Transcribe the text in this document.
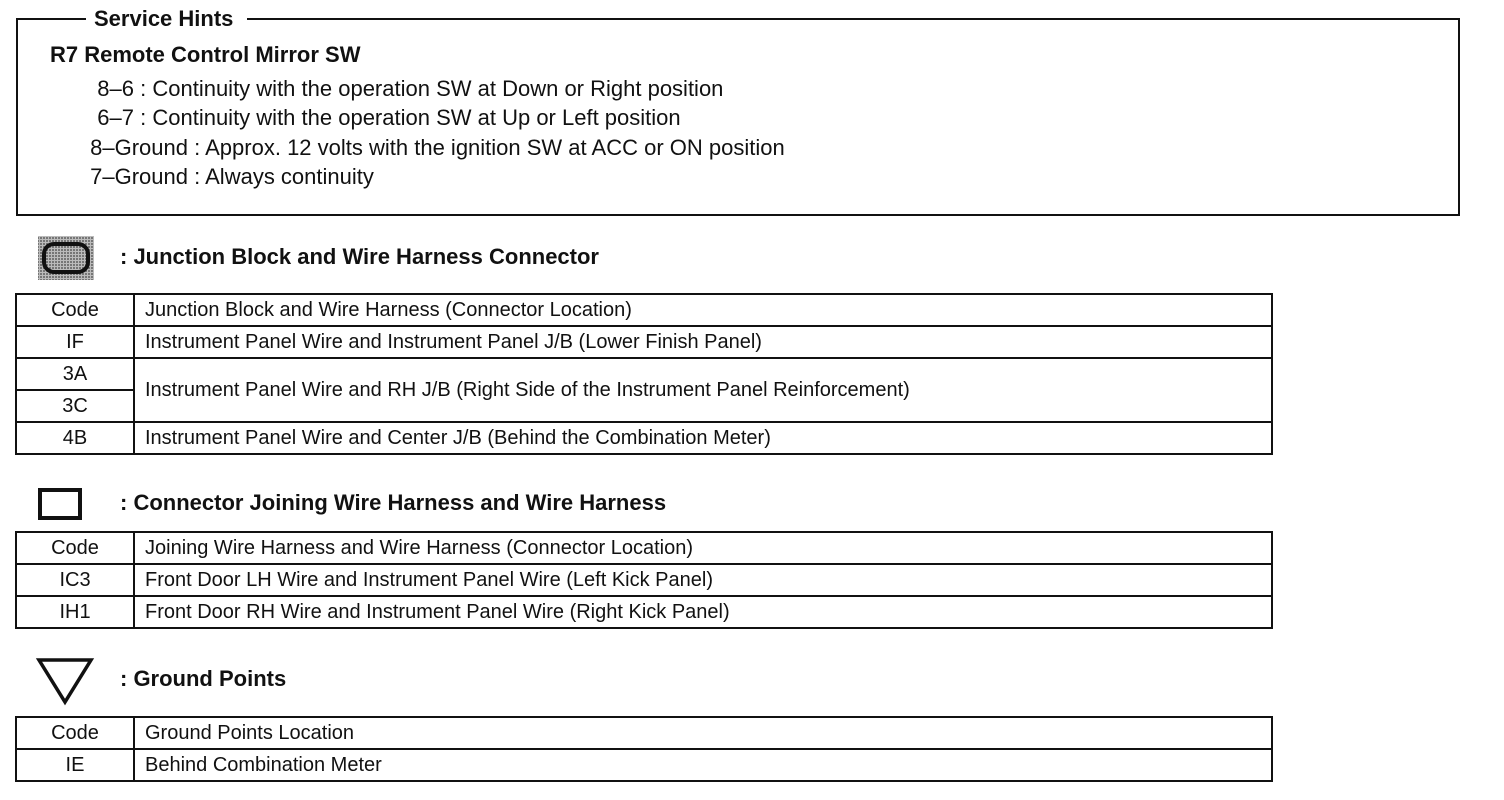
Service Hints
R7 Remote Control Mirror SW
8–6 : Continuity with the operation SW at Down or Right position
6–7 : Continuity with the operation SW at Up or Left position
8–Ground : Approx. 12 volts with the ignition SW at ACC or ON position
7–Ground : Always continuity
: Junction Block and Wire Harness Connector
Code	Junction Block and Wire Harness (Connector Location)
IF	Instrument Panel Wire and Instrument Panel J/B (Lower Finish Panel)
3A	Instrument Panel Wire and RH J/B (Right Side of the Instrument Panel Reinforcement)
3C	
4B	Instrument Panel Wire and Center J/B (Behind the Combination Meter)
: Connector Joining Wire Harness and Wire Harness
Code	Joining Wire Harness and Wire Harness (Connector Location)
IC3	Front Door LH Wire and Instrument Panel Wire (Left Kick Panel)
IH1	Front Door RH Wire and Instrument Panel Wire (Right Kick Panel)
: Ground Points
Code	Ground Points Location
IE	Behind Combination Meter
